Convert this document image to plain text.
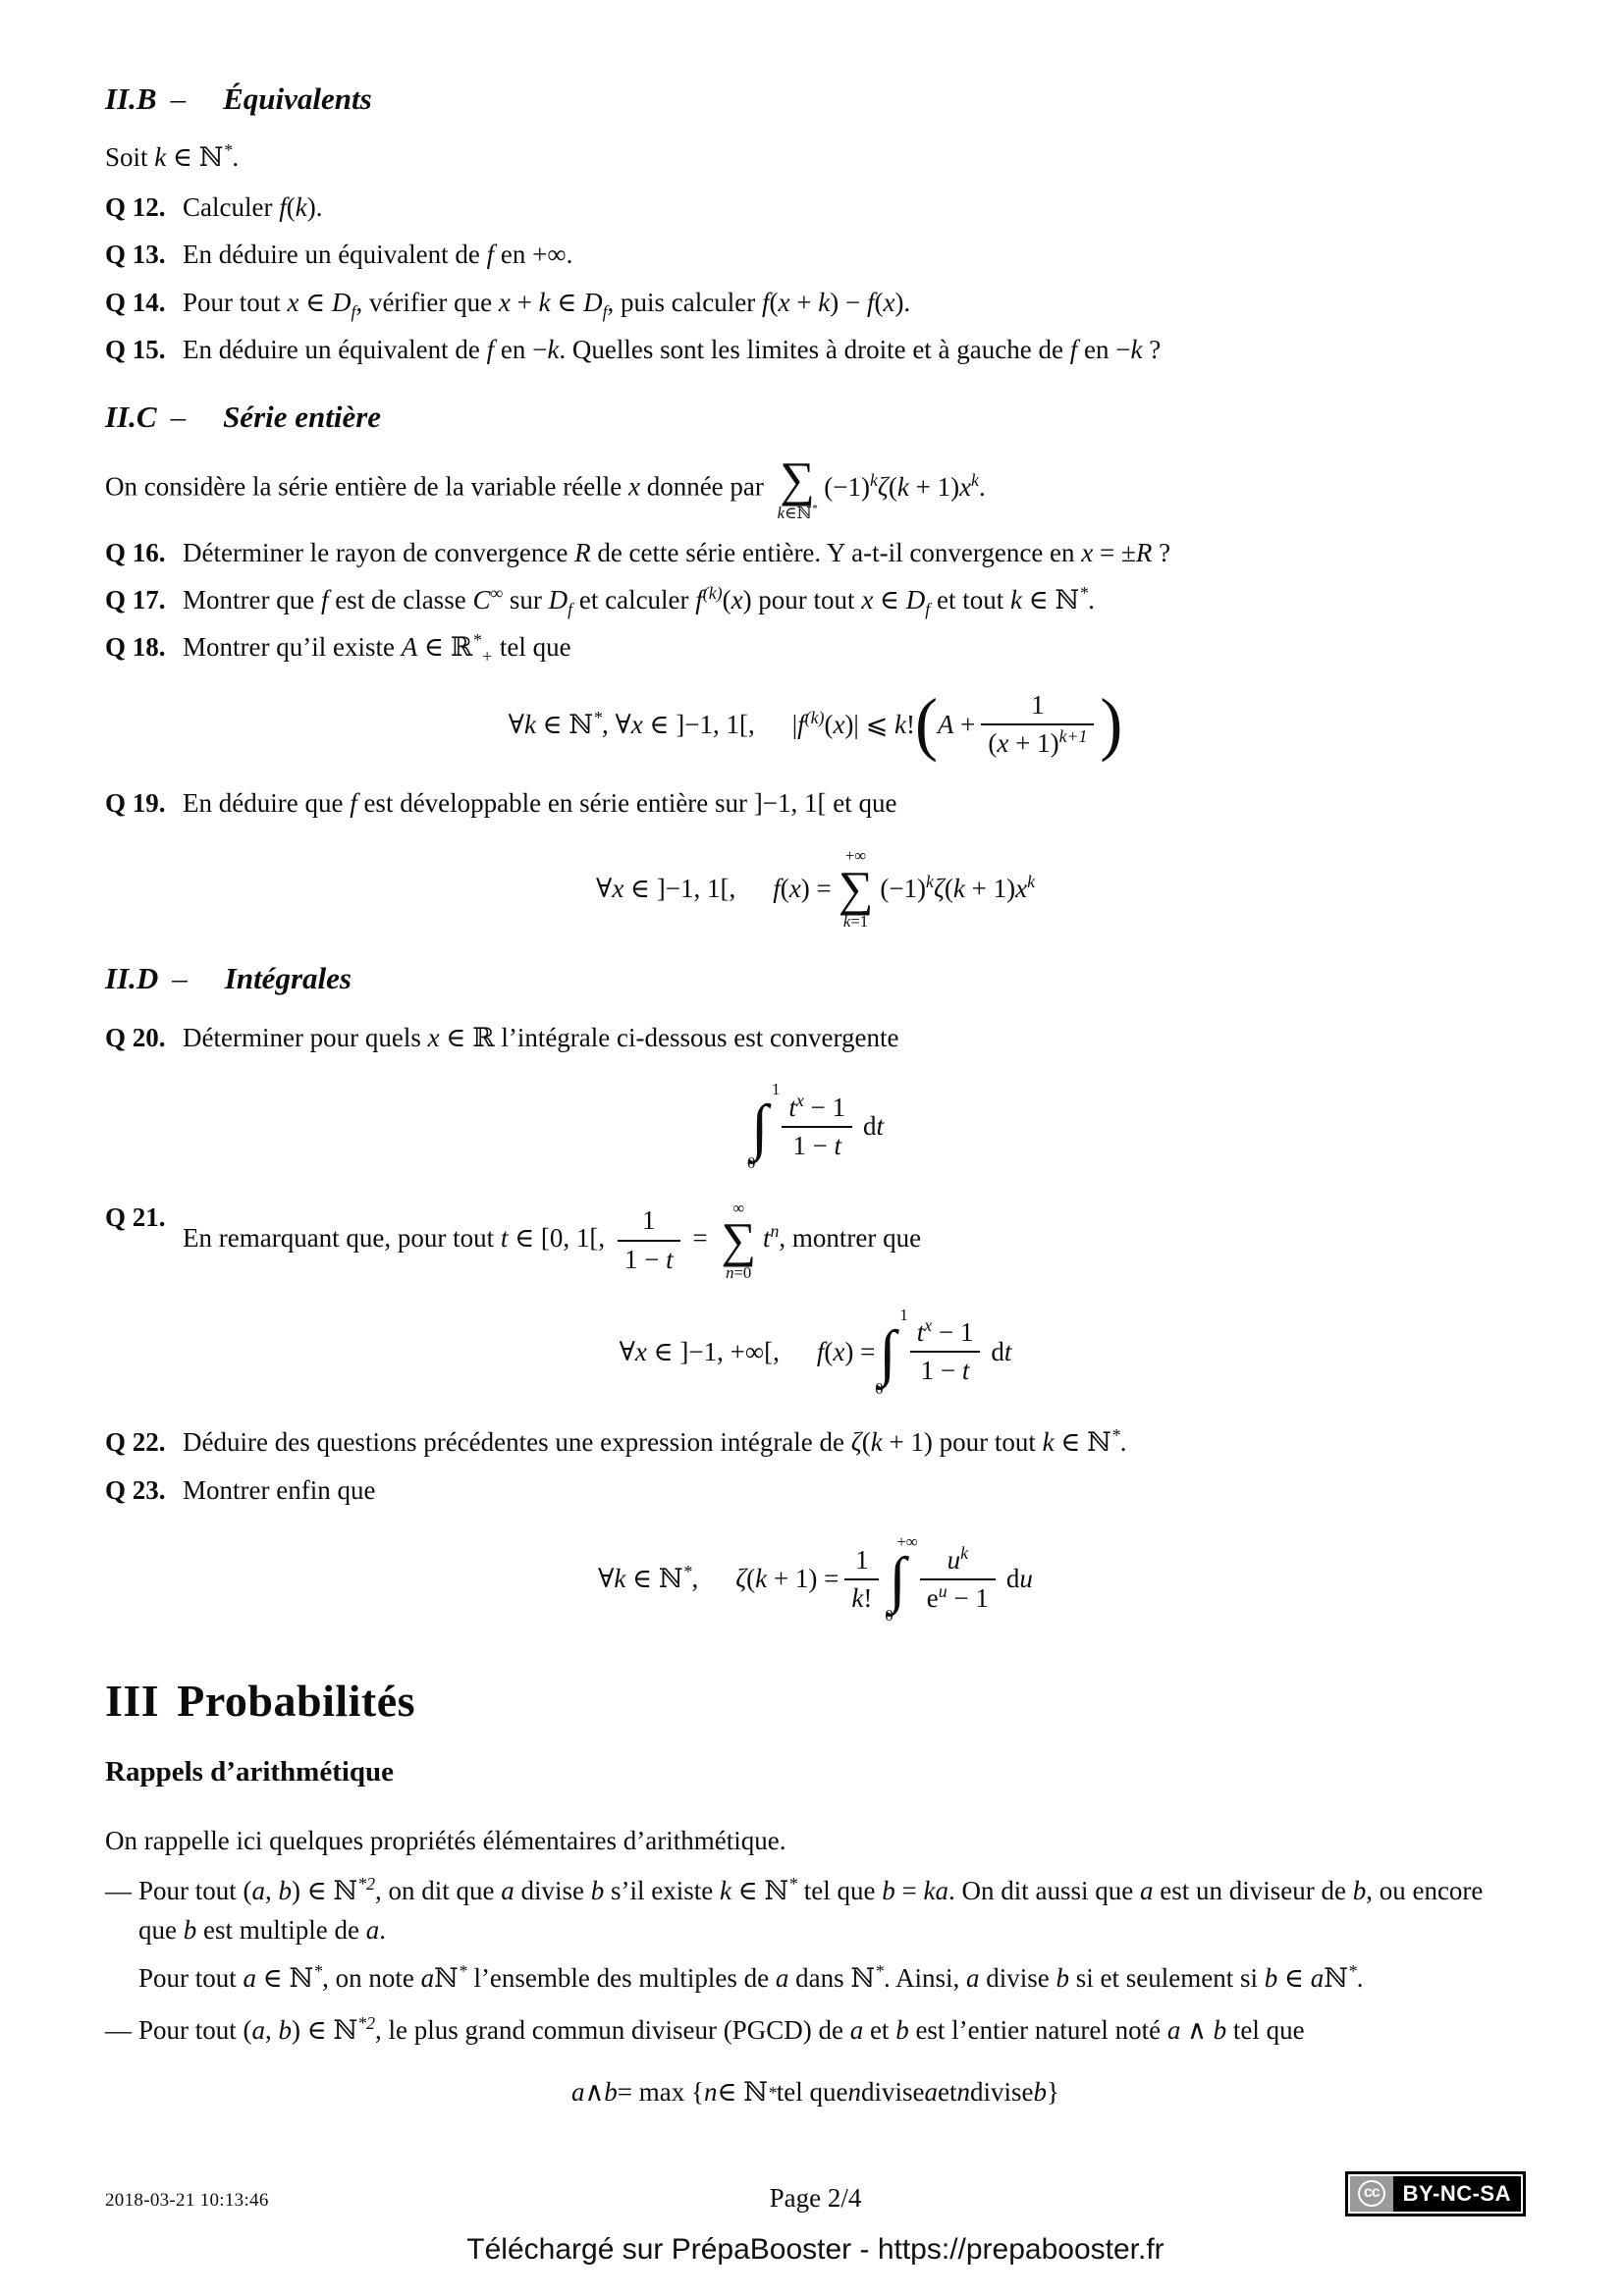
II.B – Équivalents

Soit k ∈ ℕ*.

Q 12. Calculer f(k).
Q 13. En déduire un équivalent de f en +∞.
Q 14. Pour tout x ∈ $D_f$, vérifier que x + k ∈ $D_f$, puis calculer f(x + k) − f(x).
Q 15. En déduire un équivalent de f en −k. Quelles sont les limites à droite et à gauche de f en −k ?
II.C – Série entière

On considère la série entière de la variable réelle x donnée par ∑
k∈ℕ*
$(-1)^k\zeta(k + 1)x^k$.

Q 16. Déterminer le rayon de convergence R de cette série entière. Y a-t-il convergence en x = ±R ?
Q 17. Montrer que f est de classe C∞ sur $D_f$ et calculer $f^{(k)}(x)$ pour tout x ∈ $D_f$ et tout k ∈ ℕ*.
Q 18. Montrer qu’il existe A ∈ ℝ*$_+$ tel que
∀k ∈ ℕ*, ∀x ∈ ]−1, 1[, $|f^{(k)}(x)|$ ⩽ k! ( $A + \frac{1}{(x + 1)^{k+1}}$ )
Q 19. En déduire que f est développable en série entière sur ]−1, 1[ et que
∀x ∈ ]−1, 1[, f(x) =
+∞
∑
k=1
$(-1)^k\zeta(k + 1)x^k$
II.D – Intégrales
Q 20. Déterminer pour quels x ∈ ℝ l’intégrale ci-dessous est convergente
1
∫
0
$\frac{t^x - 1}{1 - t}$ dt
Q 21.
En remarquant que, pour tout t ∈ [0, 1[, $\frac{1}{1 - t}$ =
∞
∑
n=0
$t^n$, montrer que
∀x ∈ ]−1, +∞[, f(x) =
1
∫
0
$\frac{t^x - 1}{1 - t}$ dt
Q 22. Déduire des questions précédentes une expression intégrale de ζ(k + 1) pour tout k ∈ ℕ*.
Q 23. Montrer enfin que
∀k ∈ ℕ*, $\zeta(k + 1) = \frac{1}{k!}$
+∞
∫
0
$\frac{u^k}{e^u - 1}$ du
III Probabilités
Rappels d’arithmétique

On rappelle ici quelques propriétés élémentaires d’arithmétique.

— Pour tout (a, b) ∈ ℕ$^{*2}$, on dit que a divise b s’il existe k ∈ ℕ* tel que b = ka. On dit aussi que a est un diviseur de b, ou encore que b est multiple de a.

Pour tout a ∈ ℕ*, on note aℕ* l’ensemble des multiples de a dans ℕ*. Ainsi, a divise b si et seulement si b ∈ aℕ*.

— Pour tout (a, b) ∈ ℕ$^{*2}$, le plus grand commun diviseur (PGCD) de a et b est l’entier naturel noté a ∧ b tel que
a ∧ b = max { n ∈ ℕ * tel que n divise a et n divise b }
2018-03-21 10:13:46	Page 2/4	cc	BY-NC-SA
Téléchargé sur PrépaBooster - https://prepabooster.fr
